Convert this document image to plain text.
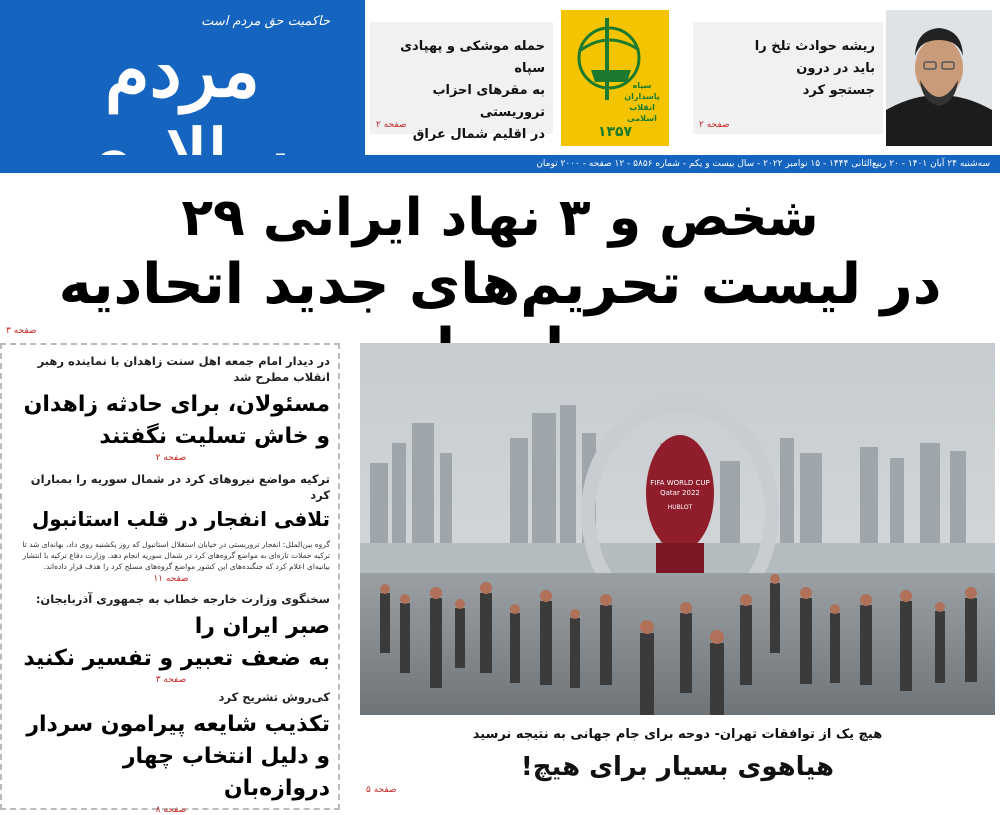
حاکمیت حق مردم است
مردم	حمله موشکی و پهپادی سپاه
به مقرهای احزاب تروریستی
در اقلیم شمال عراق
صفحه ۲
سپاه پاسداران انقلاب اسلامی
۱۳۵۷
ریشه حوادث تلخ را
باید در درون
جستجو کرد
صفحه ۲
سه‌شنبه ۲۴ آبان ۱۴۰۱ - ۲۰ ربیع‌الثانی ۱۴۴۴ - ۱۵ نوامبر ۲۰۲۲ - سال بیست و یکم - شماره ۵۸۵۶ - ۱۲ صفحه - ۲۰۰۰ تومان
۲۹ شخص و ۳ نهاد ایرانی
در لیست تحریم‌های جدید اتحادیه
صفحه ۳
در دیدار امام جمعه اهل سنت زاهدان با نماینده رهبر انقلاب مطرح شد
مسئولان، برای حادثه زاهدان
و خاش تسلیت نگفتند
صفحه ۲
ترکیه مواضع نیروهای کرد در شمال سوریه را بمباران کرد
تلافی انفجار در قلب استانبول
گروه بین‌الملل: انفجار تروریستی در خیابان استقلال استانبول که روز یکشنبه روی داد، بهانه‌ای شد تا ترکیه حملات تازه‌ای به مواضع گروه‌های کرد در شمال سوریه انجام دهد. وزارت دفاع ترکیه با انتشار بیانیه‌ای اعلام کرد که جنگنده‌های این کشور مواضع گروه‌های مسلح کرد را هدف قرار داده‌اند.
صفحه ۱۱
سخنگوی وزارت خارجه خطاب به جمهوری آذربایجان:
صبر ایران را
به ضعف تعبیر و تفسیر نکنید
صفحه ۳
کی‌روش تشریح کرد
تکذیب شایعه پیرامون سردار
و دلیل انتخاب چهار دروازه‌بان
صفحه ۸
FIFA WORLD CUP
Qatar 2022
HUBLOT
هیچ یک از توافقات تهران- دوحه برای جام جهانی به نتیجه نرسید
هیاهوی بسیار برای هیچ!
صفحه ۵
